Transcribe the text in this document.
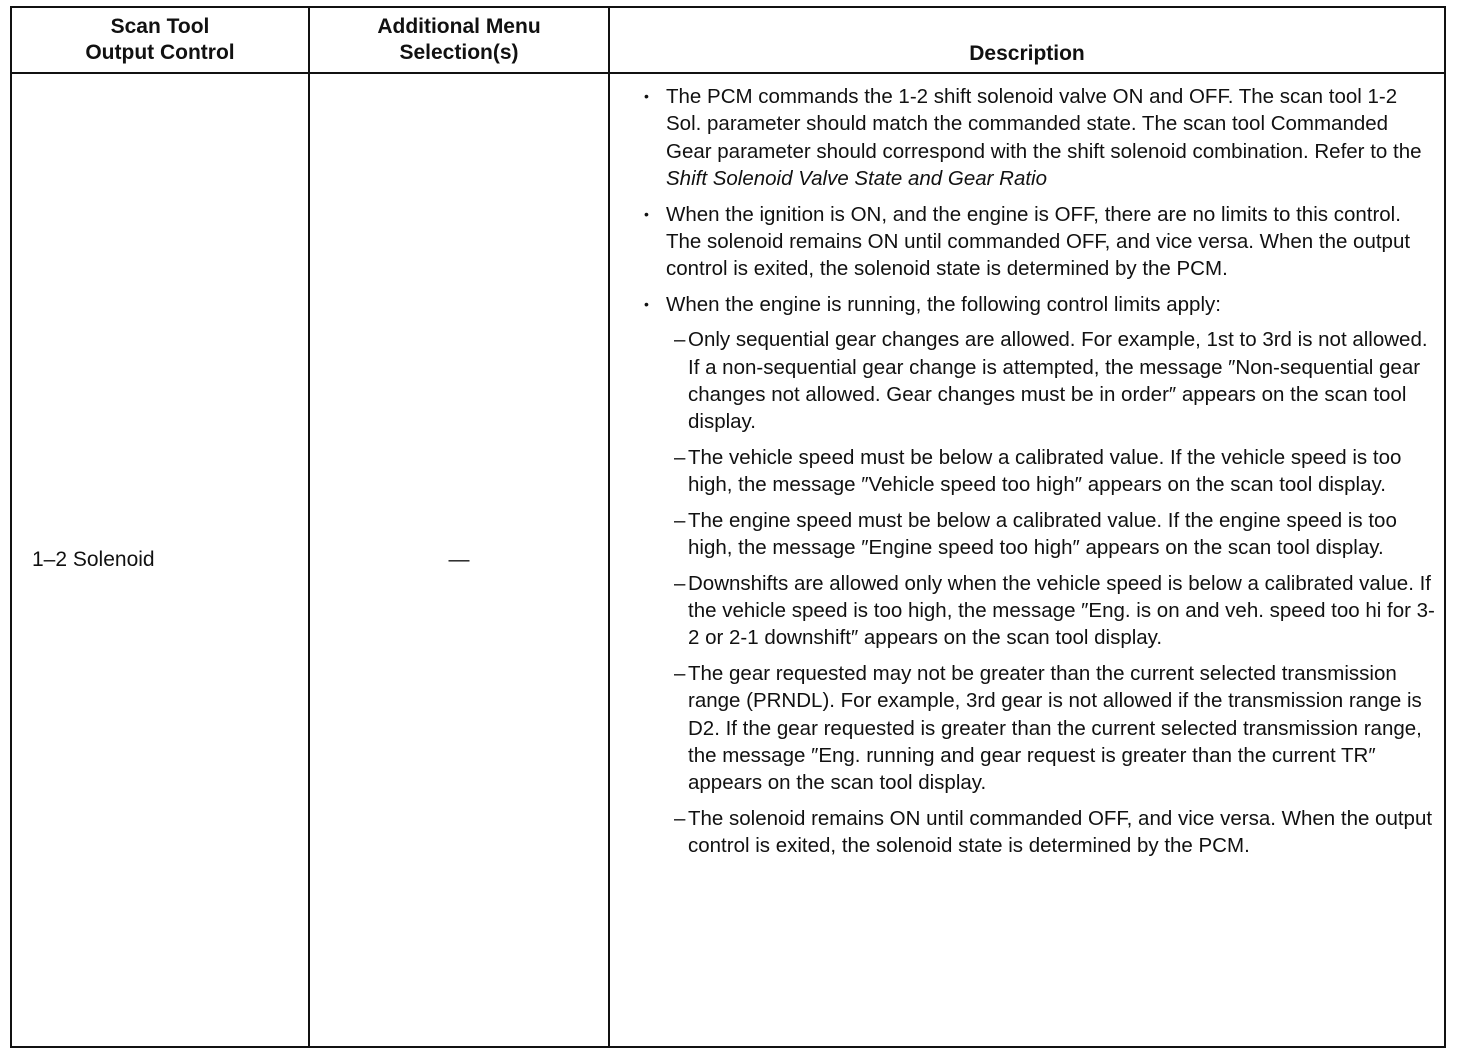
Scan Tool
Output Control
Additional Menu
Selection(s)	Description
1–2 Solenoid	—
• The PCM commands the 1-2 shift solenoid valve ON and OFF. The scan tool 1-2 Sol. parameter should match the commanded state. The scan tool Commanded Gear parameter should correspond with the shift solenoid combination. Refer to the Shift Solenoid Valve State and Gear Ratio
• When the ignition is ON, and the engine is OFF, there are no limits to this control. The solenoid remains ON until commanded OFF, and vice versa. When the output control is exited, the solenoid state is determined by the PCM.
• When the engine is running, the following control limits apply:
– Only sequential gear changes are allowed. For example, 1st to 3rd is not allowed. If a non-sequential gear change is attempted, the message ″Non-sequential gear changes not allowed. Gear changes must be in order″ appears on the scan tool display.
– The vehicle speed must be below a calibrated value. If the vehicle speed is too high, the message ″Vehicle speed too high″ appears on the scan tool display.
– The engine speed must be below a calibrated value. If the engine speed is too high, the message ″Engine speed too high″ appears on the scan tool display.
– Downshifts are allowed only when the vehicle speed is below a calibrated value. If the vehicle speed is too high, the message ″Eng. is on and veh. speed too hi for 3-2 or 2-1 downshift″ appears on the scan tool display.
– The gear requested may not be greater than the current selected transmission range (PRNDL). For example, 3rd gear is not allowed if the transmission range is D2. If the gear requested is greater than the current selected transmission range, the message ″Eng. running and gear request is greater than the current TR″ appears on the scan tool display.
– The solenoid remains ON until commanded OFF, and vice versa. When the output control is exited, the solenoid state is determined by the PCM.
